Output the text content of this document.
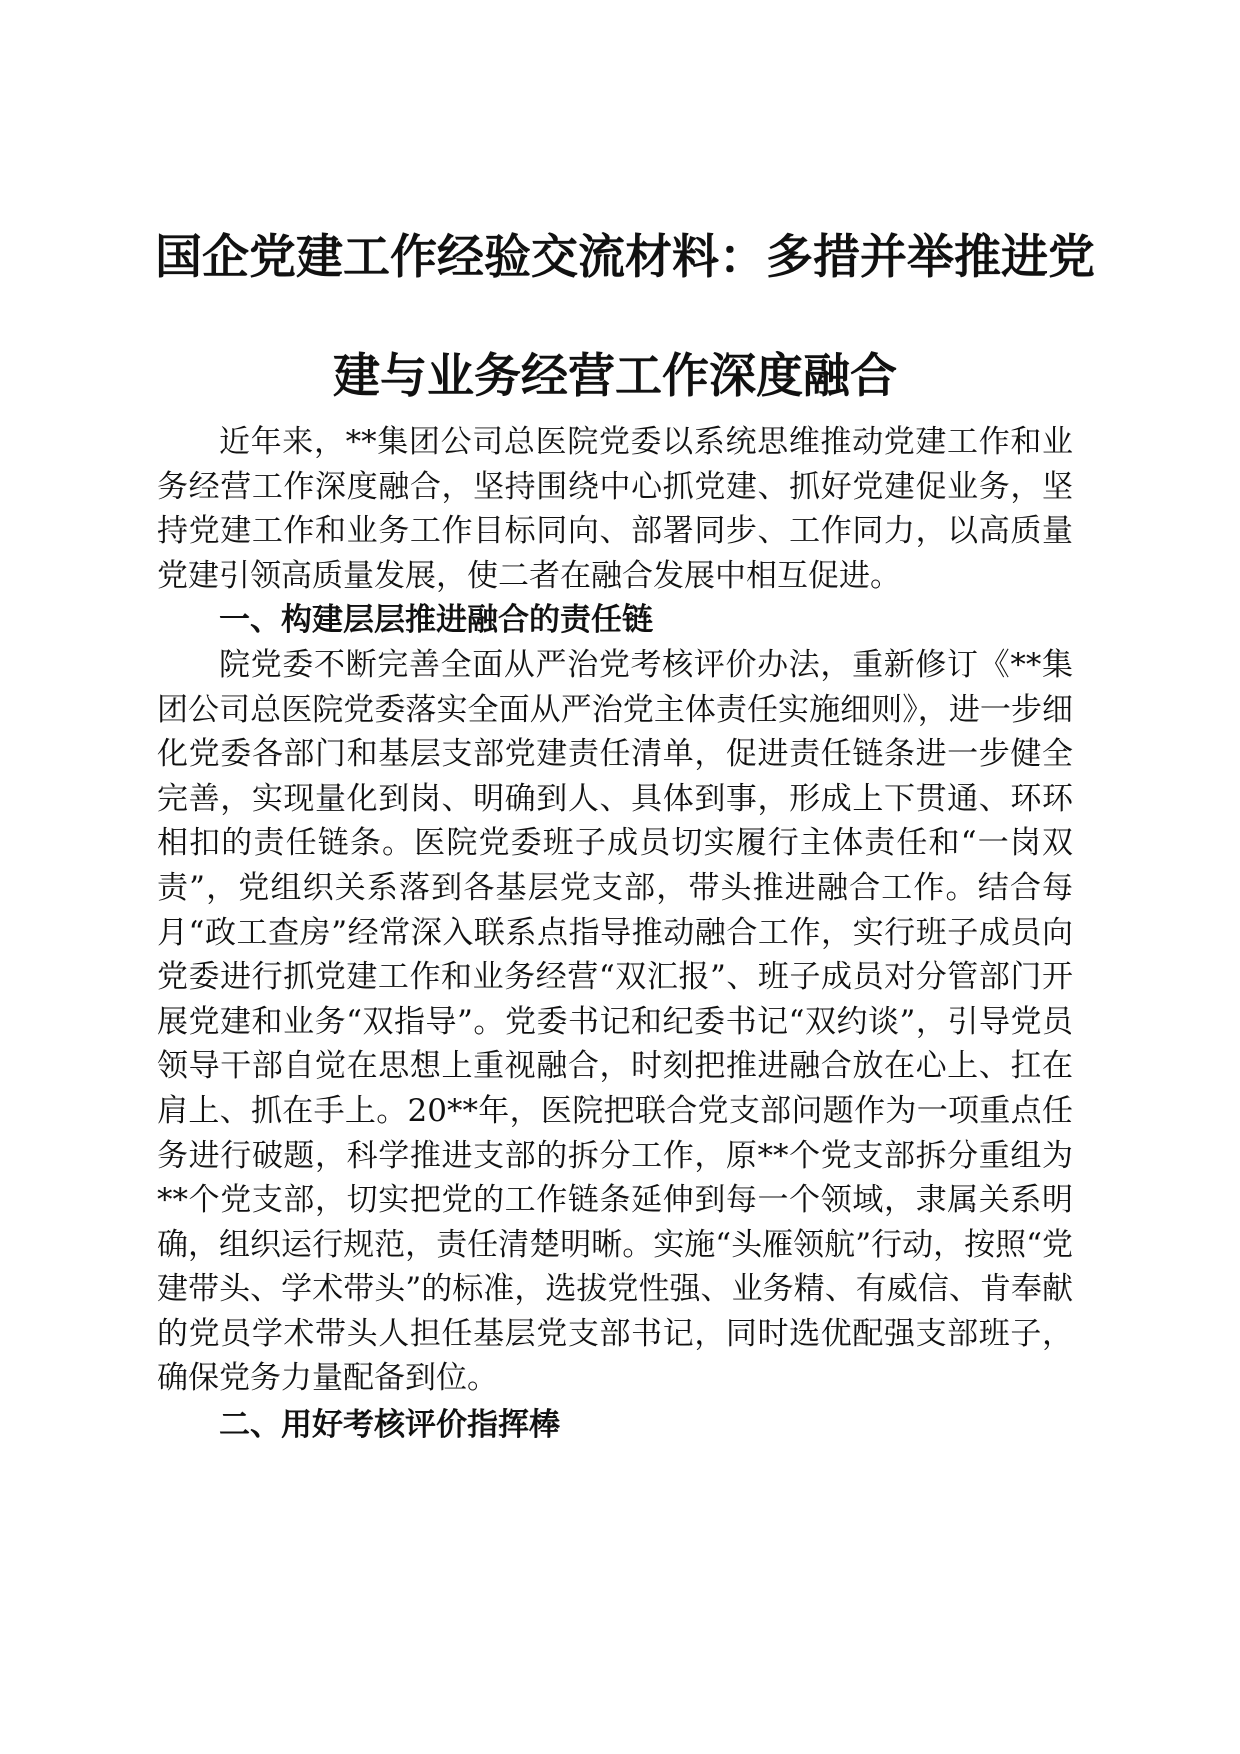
国企党建工作经验交流材料：多措并举推进党
建与业务经营工作深度融合

近年来，**集团公司总医院党委以系统思维推动党建工作和业务经营工作深度融合，坚持围绕中心抓党建、抓好党建促业务，坚持党建工作和业务工作目标同向、部署同步、工作同力，以高质量党建引领高质量发展，使二者在融合发展中相互促进。

一、构建层层推进融合的责任链

院党委不断完善全面从严治党考核评价办法，重新修订《**集团公司总医院党委落实全面从严治党主体责任实施细则》，进一步细化党委各部门和基层支部党建责任清单，促进责任链条进一步健全完善，实现量化到岗、明确到人、具体到事，形成上下贯通、环环相扣的责任链条。医院党委班子成员切实履行主体责任和“一岗双责”，党组织关系落到各基层党支部，带头推进融合工作。结合每月“政工查房”经常深入联系点指导推动融合工作，实行班子成员向党委进行抓党建工作和业务经营“双汇报”、班子成员对分管部门开展党建和业务“双指导”。党委书记和纪委书记“双约谈”，引导党员领导干部自觉在思想上重视融合，时刻把推进融合放在心上、扛在肩上、抓在手上。20**年，医院把联合党支部问题作为一项重点任务进行破题，科学推进支部的拆分工作，原**个党支部拆分重组为**个党支部，切实把党的工作链条延伸到每一个领域，隶属关系明确，组织运行规范，责任清楚明晰。实施“头雁领航”行动，按照“党建带头、学术带头”的标准，选拔党性强、业务精、有威信、肯奉献的党员学术带头人担任基层党支部书记，同时选优配强支部班子，确保党务力量配备到位。

二、用好考核评价指挥棒
